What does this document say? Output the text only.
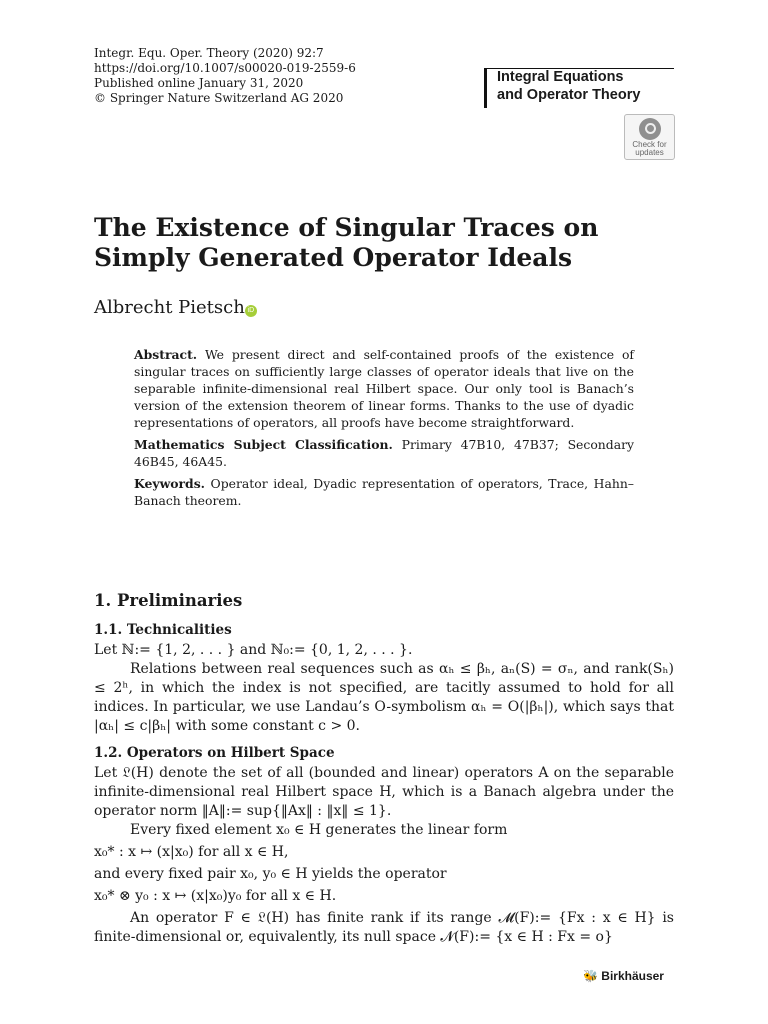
Integr. Equ. Oper. Theory (2020) 92:7
https://doi.org/10.1007/s00020-019-2559-6
Published online January 31, 2020
© Springer Nature Switzerland AG 2020
Integral Equations
and Operator Theory
Check for
updates
The Existence of Singular Traces on Simply Generated Operator Ideals
Albrecht Pietsch iD

Abstract. We present direct and self-contained proofs of the existence of singular traces on sufficiently large classes of operator ideals that live on the separable infinite-dimensional real Hilbert space. Our only tool is Banach’s version of the extension theorem of linear forms. Thanks to the use of dyadic representations of operators, all proofs have become straightforward.

Mathematics Subject Classification. Primary 47B10, 47B37; Secondary 46B45, 46A45.

Keywords. Operator ideal, Dyadic representation of operators, Trace, Hahn–Banach theorem.

1. Preliminaries
1.1. Technicalities

Let ℕ:= {1, 2, . . . } and ℕ₀:= {0, 1, 2, . . . }.

Relations between real sequences such as αₕ ≤ βₕ, aₙ(S) = σₙ, and rank(Sₕ) ≤ 2ʰ, in which the index is not specified, are tacitly assumed to hold for all indices. In particular, we use Landau’s O-symbolism αₕ = O(|βₕ|), which says that |αₕ| ≤ c|βₕ| with some constant c > 0.

1.2. Operators on Hilbert Space

Let 𝔏(H) denote the set of all (bounded and linear) operators A on the separable infinite-dimensional real Hilbert space H, which is a Banach algebra under the operator norm ‖A‖:= sup{‖Ax‖ : ‖x‖ ≤ 1}.

Every fixed element x₀ ∈ H generates the linear form

x₀* : x ↦ (x|x₀) for all x ∈ H,

and every fixed pair x₀, y₀ ∈ H yields the operator

x₀* ⊗ y₀ : x ↦ (x|x₀)y₀ for all x ∈ H.

An operator F ∈ 𝔏(H) has finite rank if its range 𝓜(F):= {Fx : x ∈ H} is finite-dimensional or, equivalently, its null space 𝓝(F):= {x ∈ H : Fx = o}

🐝 Birkhäuser
